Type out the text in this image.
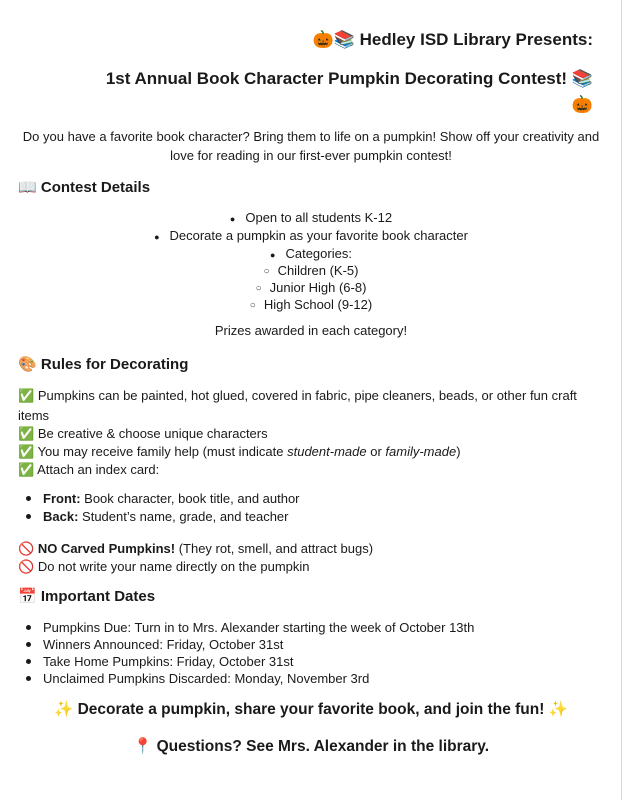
🎃📚 Hedley ISD Library Presents:
1st Annual Book Character Pumpkin Decorating Contest! 📚
🎃
Do you have a favorite book character? Bring them to life on a pumpkin! Show off your creativity and love for reading in our first-ever pumpkin contest!
📖 Contest Details
● Open to all students K-12
● Decorate a pumpkin as your favorite book character
● Categories:
○ Children (K-5)
○ Junior High (6-8)
○ High School (9-12)
Prizes awarded in each category!
🎨 Rules for Decorating
✅ Pumpkins can be painted, hot glued, covered in fabric, pipe cleaners, beads, or other fun craft items
✅ Be creative & choose unique characters
✅ You may receive family help (must indicate student-made or family-made)
✅ Attach an index card:
Front: Book character, book title, and author
Back: Student’s name, grade, and teacher
🚫 NO Carved Pumpkins! (They rot, smell, and attract bugs)
🚫 Do not write your name directly on the pumpkin
📅 Important Dates
Pumpkins Due: Turn in to Mrs. Alexander starting the week of October 13th
Winners Announced: Friday, October 31st
Take Home Pumpkins: Friday, October 31st
Unclaimed Pumpkins Discarded: Monday, November 3rd
✨ Decorate a pumpkin, share your favorite book, and join the fun! ✨
📍 Questions? See Mrs. Alexander in the library.
